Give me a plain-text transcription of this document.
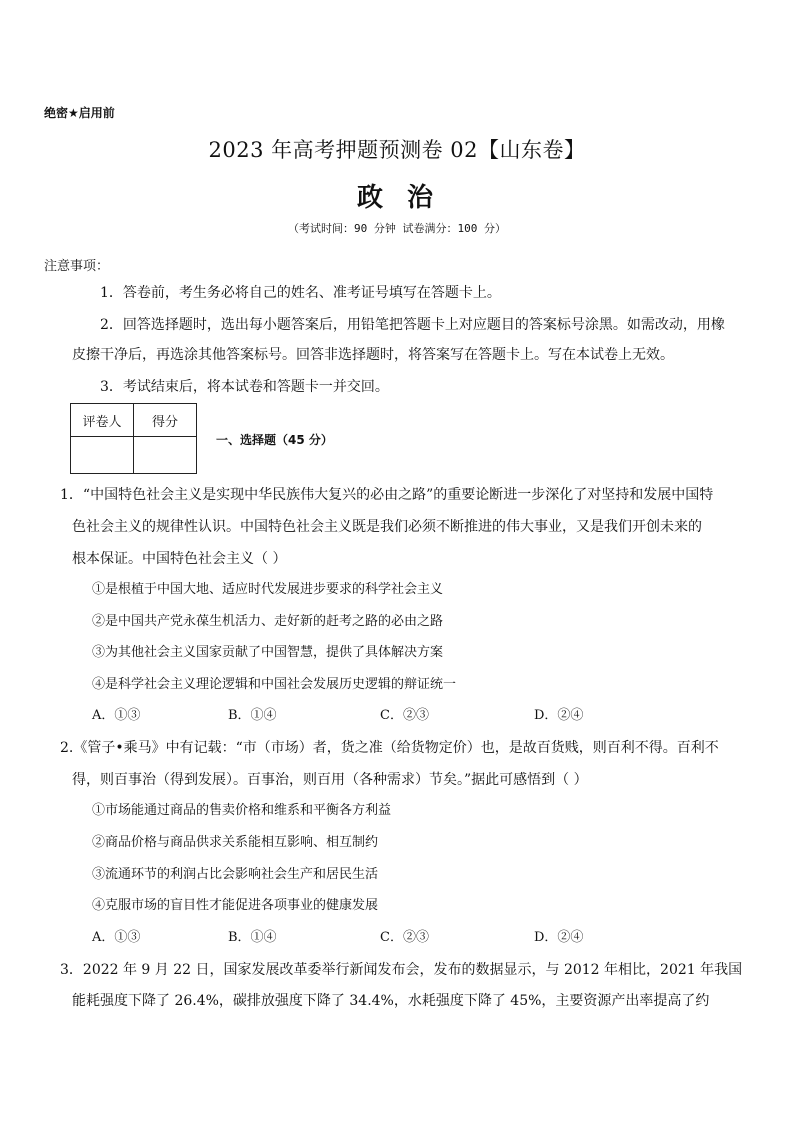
绝密★启用前
2023 年高考押题预测卷 02【山东卷】
政治
（考试时间：90 分钟 试卷满分：100 分）
注意事项：
1．答卷前，考生务必将自己的姓名、准考证号填写在答题卡上。
2．回答选择题时，选出每小题答案后，用铅笔把答题卡上对应题目的答案标号涂黑。如需改动，用橡
皮擦干净后，再选涂其他答案标号。回答非选择题时，将答案写在答题卡上。写在本试卷上无效。
3．考试结束后，将本试卷和答题卡一并交回。
评卷人	得分

一、选择题（45 分）
1．“中国特色社会主义是实现中华民族伟大复兴的必由之路”的重要论断进一步深化了对坚持和发展中国特
色社会主义的规律性认识。中国特色社会主义既是我们必须不断推进的伟大事业，又是我们开创未来的
根本保证。中国特色社会主义（ ）
①是根植于中国大地、适应时代发展进步要求的科学社会主义
②是中国共产党永葆生机活力、走好新的赶考之路的必由之路
③为其他社会主义国家贡献了中国智慧，提供了具体解决方案
④是科学社会主义理论逻辑和中国社会发展历史逻辑的辩证统一
A．①③	B．①④	C．②③	D．②④
2.《管子•乘马》中有记载：“市（市场）者，货之准（给货物定价）也，是故百货贱，则百利不得。百利不
得，则百事治（得到发展）。百事治，则百用（各种需求）节矣。”据此可感悟到（ ）
①市场能通过商品的售卖价格和维系和平衡各方利益
②商品价格与商品供求关系能相互影响、相互制约
③流通环节的利润占比会影响社会生产和居民生活
④克服市场的盲目性才能促进各项事业的健康发展
A．①③	B．①④	C．②③	D．②④
3．2022 年 9 月 22 日，国家发展改革委举行新闻发布会，发布的数据显示，与 2012 年相比，2021 年我国
能耗强度下降了 26.4%，碳排放强度下降了 34.4%，水耗强度下降了 45%，主要资源产出率提高了约
